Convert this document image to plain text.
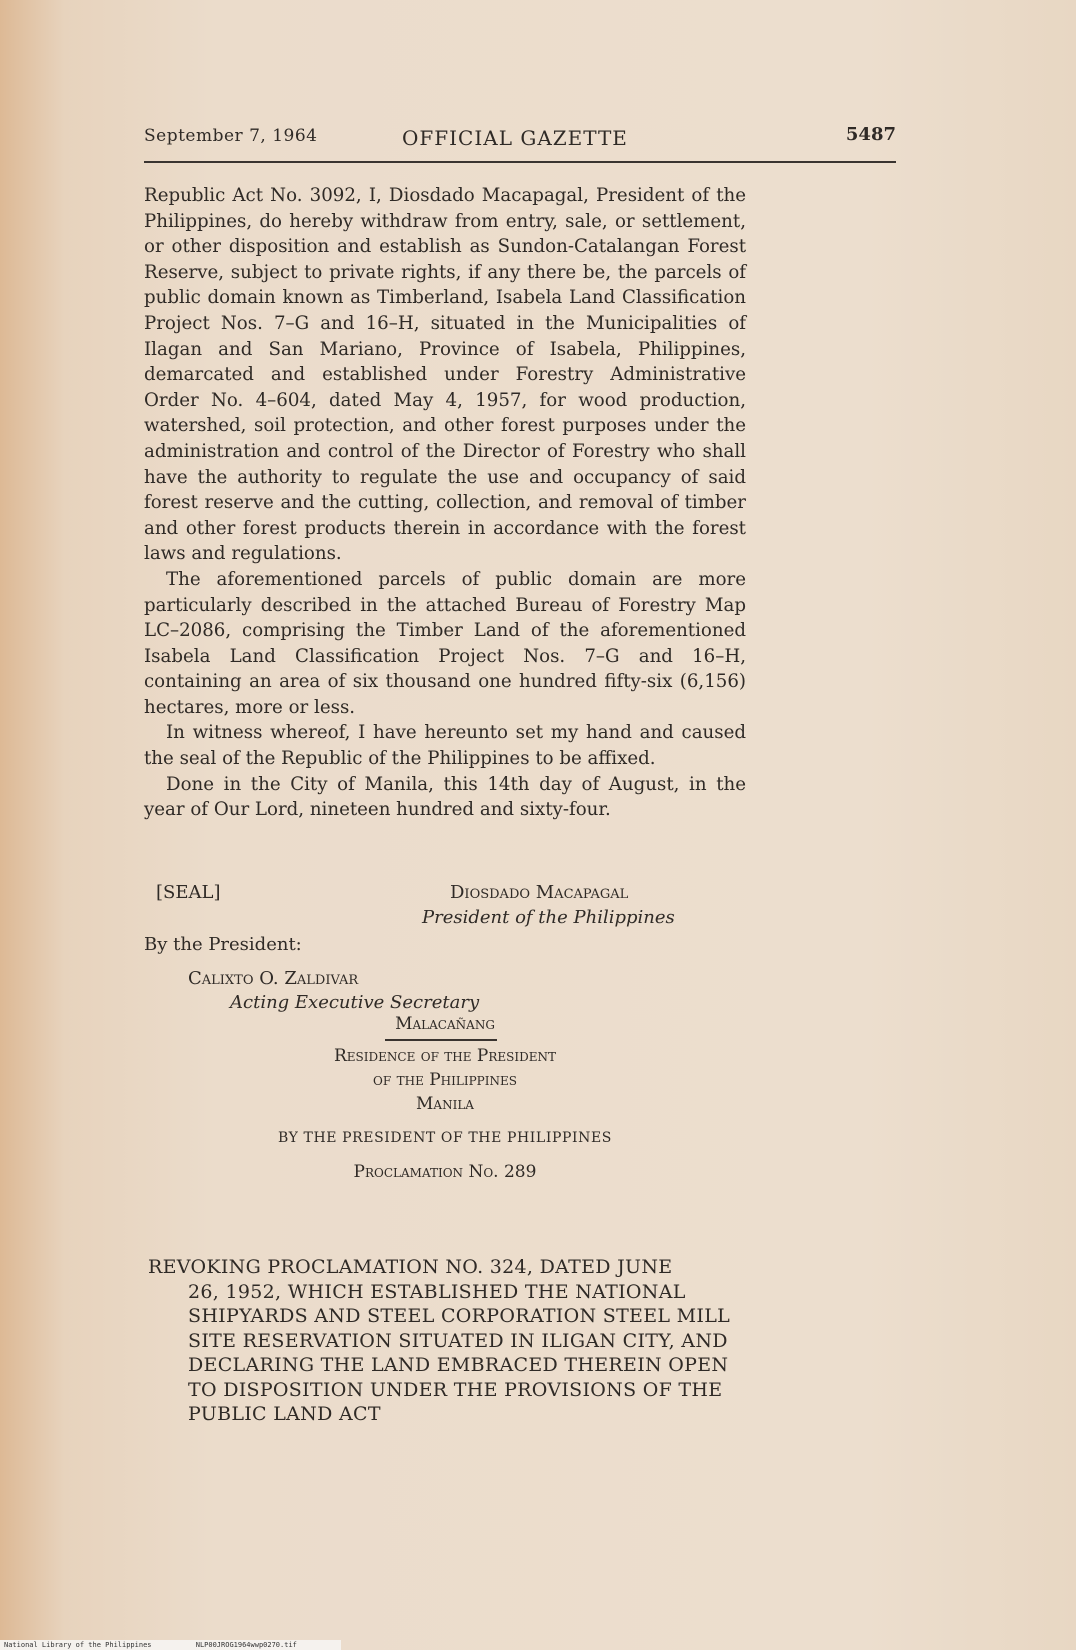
September 7, 1964	OFFICIAL GAZETTE	5487

Republic Act No. 3092, I, Diosdado Macapagal, President of the Philippines, do hereby withdraw from entry, sale, or settlement, or other disposition and establish as Sundon-Catalangan Forest Reserve, subject to private rights, if any there be, the parcels of public domain known as Timberland, Isabela Land Classification Project Nos. 7–G and 16–H, situated in the Municipalities of Ilagan and San Mariano, Province of Isabela, Philippines, demarcated and established under Forestry Administrative Order No. 4–604, dated May 4, 1957, for wood production, watershed, soil protection, and other forest purposes under the administration and control of the Director of Forestry who shall have the authority to regulate the use and occupancy of said forest reserve and the cutting, collection, and removal of timber and other forest products therein in accordance with the forest laws and regulations.

The aforementioned parcels of public domain are more particularly described in the attached Bureau of Forestry Map LC–2086, comprising the Timber Land of the aforementioned Isabela Land Classification Project Nos. 7–G and 16–H, containing an area of six thousand one hundred fifty-six (6,156) hectares, more or less.

In witness whereof, I have hereunto set my hand and caused the seal of the Republic of the Philippines to be affixed.

Done in the City of Manila, this 14th day of August, in the year of Our Lord, nineteen hundred and sixty-four.

[SEAL]	Diosdado Macapagal
President of the Philippines
By the President:
Calixto O. Zaldivar
Acting Executive Secretary
Malacañang
Residence of the President
of the Philippines
Manila
BY THE PRESIDENT OF THE PHILIPPINES
Proclamation No. 289
REVOKING PROCLAMATION NO. 324, DATED JUNE
26, 1952, WHICH ESTABLISHED THE NATIONAL SHIPYARDS AND STEEL CORPORATION STEEL MILL SITE RESERVATION SITUATED IN ILIGAN CITY, AND DECLARING THE LAND EMBRACED THEREIN OPEN TO DISPOSITION UNDER THE PROVISIONS OF THE PUBLIC LAND ACT
National Library of the Philippines	NLP00JROG1964wwp0270.tif
